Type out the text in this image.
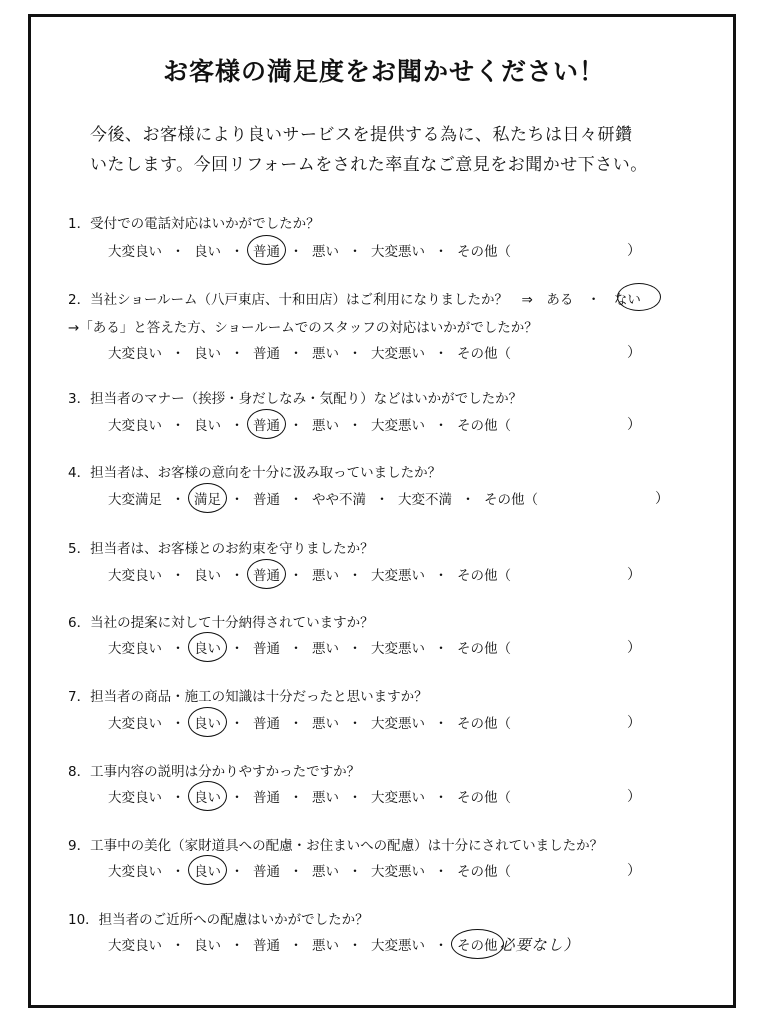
お客様の満足度をお聞かせください！
今後、お客様により良いサービスを提供する為に、私たちは日々研鑽
いたします。今回リフォームをされた率直なご意見をお聞かせ下さい。
1．受付での電話対応はいかがでしたか？
大変良い ・ 良い ・ 普通 ・ 悪い ・ 大変悪い ・ その他（	）
2．当社ショールーム（八戸東店、十和田店）はご利用になりましたか？　⇒　ある　・　ない
→「ある」と答えた方、ショールームでのスタッフの対応はいかがでしたか？
大変良い ・ 良い ・ 普通 ・ 悪い ・ 大変悪い ・ その他（	）
3．担当者のマナー（挨拶・身だしなみ・気配り）などはいかがでしたか？
大変良い ・ 良い ・ 普通 ・ 悪い ・ 大変悪い ・ その他（	）
4．担当者は、お客様の意向を十分に汲み取っていましたか？
大変満足 ・ 満足 ・ 普通 ・ やや不満 ・ 大変不満 ・ その他（	）
5．担当者は、お客様とのお約束を守りましたか？
大変良い ・ 良い ・ 普通 ・ 悪い ・ 大変悪い ・ その他（	）
6．当社の提案に対して十分納得されていますか？
大変良い ・ 良い ・ 普通 ・ 悪い ・ 大変悪い ・ その他（	）
7．担当者の商品・施工の知識は十分だったと思いますか？
大変良い ・ 良い ・ 普通 ・ 悪い ・ 大変悪い ・ その他（	）
8．工事内容の説明は分かりやすかったですか？
大変良い ・ 良い ・ 普通 ・ 悪い ・ 大変悪い ・ その他（	）
9．工事中の美化（家財道具への配慮・お住まいへの配慮）は十分にされていましたか？
大変良い ・ 良い ・ 普通 ・ 悪い ・ 大変悪い ・ その他（	）
10．担当者のご近所への配慮はいかがでしたか？
大変良い ・ 良い ・ 普通 ・ 悪い ・ 大変悪い ・ その他 必要なし）
